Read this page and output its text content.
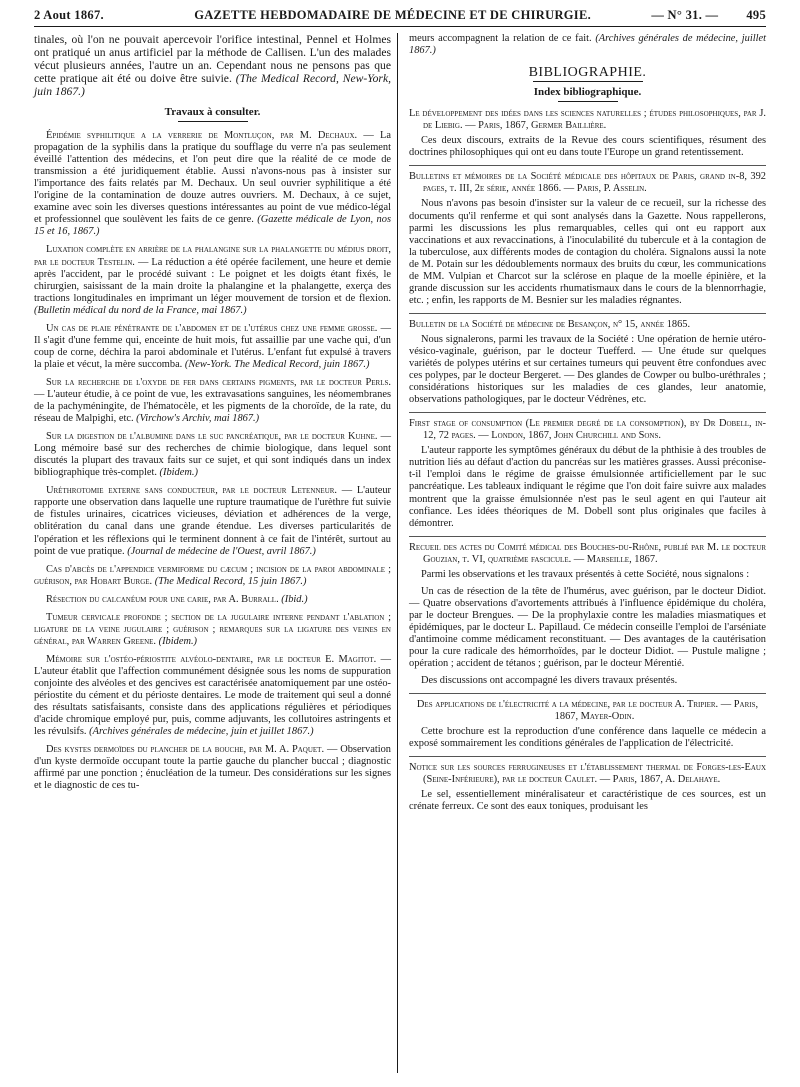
2 Aout 1867.	GAZETTE HEBDOMADAIRE DE MÉDECINE ET DE CHIRURGIE.	— N° 31. — 495

tinales, où l'on ne pouvait apercevoir l'orifice intestinal, Pennel et Holmes ont pratiqué un anus artificiel par la méthode de Callisen. L'un des malades vécut plusieurs années, l'autre un an. Cependant nous ne pensons pas que cette pratique ait été ou doive être suivie. (The Medical Record, New-York, juin 1867.)

Travaux à consulter.

Épidémie syphilitique a la verrerie de Montluçon, par M. Dechaux. — La propagation de la syphilis dans la pratique du soufflage du verre n'a pas seulement éveillé l'attention des médecins, et l'on peut dire que la réalité de ce mode de transmission a été juridiquement établie. Aussi n'avons-nous pas à insister sur l'importance des faits relatés par M. Dechaux. Un seul ouvrier syphilitique a été l'origine de la contamination de douze autres ouvriers. M. Dechaux, à ce sujet, examine avec soin les diverses questions intéressantes au point de vue médico-légal et professionnel que soulèvent les faits de ce genre. (Gazette médicale de Lyon, nos 15 et 16, 1867.)

Luxation complète en arrière de la phalangine sur la phalangette du médius droit, par le docteur Testelin. — La réduction a été opérée facilement, une heure et demie après l'accident, par le procédé suivant : Le poignet et les doigts étant fixés, le chirurgien, saisissant de la main droite la phalangine et la phalangette, exerça des tractions longitudinales en imprimant un léger mouvement de torsion et de flexion. (Bulletin médical du nord de la France, mai 1867.)

Un cas de plaie pénétrante de l'abdomen et de l'utérus chez une femme grosse. — Il s'agit d'une femme qui, enceinte de huit mois, fut assaillie par une vache qui, d'un coup de corne, déchira la paroi abdominale et l'utérus. L'enfant fut expulsé à travers la plaie et vécut, la mère succomba. (New-York. The Medical Record, juin 1867.)

Sur la recherche de l'oxyde de fer dans certains pigments, par le docteur Perls. — L'auteur étudie, à ce point de vue, les extravasations sanguines, les néomembranes de la pachyméningite, de l'hématocèle, et les pigments de la choroïde, de la rate, du réseau de Malpighi, etc. (Virchow's Archiv, mai 1867.)

Sur la digestion de l'albumine dans le suc pancréatique, par le docteur Kuhne. — Long mémoire basé sur des recherches de chimie biologique, dans lequel sont discutés la plupart des travaux faits sur ce sujet, et qui sont indiqués dans un index bibliographique très-complet. (Ibidem.)

Uréthrotomie externe sans conducteur, par le docteur Letenneur. — L'auteur rapporte une observation dans laquelle une rupture traumatique de l'urèthre fut suivie de fistules urinaires, cicatrices vicieuses, déviation et adhérences de la verge, oblitération du canal dans une grande étendue. Les diverses particularités de l'opération et les réflexions qui le terminent donnent à ce fait de l'intérêt, surtout au point de vue pratique. (Journal de médecine de l'Ouest, avril 1867.)

Cas d'abcès de l'appendice vermiforme du cæcum ; incision de la paroi abdominale ; guérison, par Hobart Burge. (The Medical Record, 15 juin 1867.)

Résection du calcanéum pour une carie, par A. Burrall. (Ibid.)

Tumeur cervicale profonde ; section de la jugulaire interne pendant l'ablation ; ligature de la veine jugulaire ; guérison ; remarques sur la ligature des veines en général, par Warren Greene. (Ibidem.)

Mémoire sur l'ostéo-périostite alvéolo-dentaire, par le docteur E. Magitot. — L'auteur établit que l'affection communément désignée sous les noms de suppuration conjointe des alvéoles et des gencives est caractérisée anatomiquement par une ostéo-périostite du cément et du périoste dentaires. Le mode de traitement qui seul a donné des résultats satisfaisants, consiste dans des applications régulières et périodiques d'acide chromique employé pur, puis, comme adjuvants, les collutoires astringents et les révulsifs. (Archives générales de médecine, juin et juillet 1867.)

Des kystes dermoïdes du plancher de la bouche, par M. A. Paquet. — Observation d'un kyste dermoïde occupant toute la partie gauche du plancher buccal ; diagnostic affirmé par une ponction ; énucléation de la tumeur. Des considérations sur les signes et le diagnostic de ces tu-

meurs accompagnent la relation de ce fait. (Archives générales de médecine, juillet 1867.)

BIBLIOGRAPHIE.
Index bibliographique.
Le développement des idées dans les sciences naturelles ; études philosophiques, par J. de Liebig. — Paris, 1867, Germer Baillière.

Ces deux discours, extraits de la Revue des cours scientifiques, résument des doctrines philosophiques qui ont eu dans toute l'Europe un grand retentissement.

Bulletins et mémoires de la Société médicale des hôpitaux de Paris, grand in-8, 392 pages, t. III, 2e série, année 1866. — Paris, P. Asselin.

Nous n'avons pas besoin d'insister sur la valeur de ce recueil, sur la richesse des documents qu'il renferme et qui sont analysés dans la Gazette. Nous rappellerons, parmi les discussions les plus remarquables, celles qui ont eu rapport aux vaccinations et aux revaccinations, à l'inoculabilité du tubercule et à la contagion de la tuberculose, aux différents modes de contagion du choléra. Signalons aussi la note de M. Potain sur les dédoublements normaux des bruits du cœur, les communications de MM. Vulpian et Charcot sur la sclérose en plaque de la moelle épinière, et la grande discussion sur les accidents rhumatismaux dans le cours de la blennorrhagie, etc. ; enfin, les rapports de M. Besnier sur les maladies régnantes.

Bulletin de la Société de médecine de Besançon, n° 15, année 1865.

Nous signalerons, parmi les travaux de la Société : Une opération de hernie utéro-vésico-vaginale, guérison, par le docteur Tuefferd. — Une étude sur quelques variétés de polypes utérins et sur certaines tumeurs qui peuvent être confondues avec ces polypes, par le docteur Bergeret. — Des glandes de Cowper ou bulbo-uréthrales ; considérations historiques sur les maladies de ces glandes, leur anatomie, observations pathologiques, par le docteur Védrènes, etc.

First stage of consumption (Le premier degré de la consomption), by Dr Dobell, in-12, 72 pages. — London, 1867, John Churchill and Sons.

L'auteur rapporte les symptômes généraux du début de la phthisie à des troubles de nutrition liés au défaut d'action du pancréas sur les matières grasses. Aussi préconise-t-il l'emploi dans le régime de graisse émulsionnée artificiellement par le suc pancréatique. Les tableaux indiquant le régime que l'on doit faire suivre aux malades montrent que la graisse émulsionnée n'est pas le seul agent en qui l'auteur ait confiance. Les idées théoriques de M. Dobell sont plus originales que faciles à démontrer.

Recueil des actes du Comité médical des Bouches-du-Rhône, publié par M. le docteur Gouzian, t. VI, quatrième fascicule. — Marseille, 1867.

Parmi les observations et les travaux présentés à cette Société, nous signalons :

Un cas de résection de la tête de l'humérus, avec guérison, par le docteur Didiot. — Quatre observations d'avortements attribués à l'influence épidémique du choléra, par le docteur Brengues. — De la prophylaxie contre les maladies miasmatiques et épidémiques, par le docteur L. Papillaud. Ce médecin conseille l'emploi de l'arséniate d'antimoine comme médicament reconstituant. — Des avantages de la cautérisation pour la cure radicale des hémorrhoïdes, par le docteur Didiot. — Pustule maligne ; opération ; accident de tétanos ; guérison, par le docteur Mérentié.

Des discussions ont accompagné les divers travaux présentés.

Des applications de l'électricité a la médecine, par le docteur A. Tripier. — Paris, 1867, Mayer-Odin.

Cette brochure est la reproduction d'une conférence dans laquelle ce médecin a exposé sommairement les conditions générales de l'application de l'électricité.

Notice sur les sources ferrugineuses et l'établissement thermal de Forges-les-Eaux (Seine-Inférieure), par le docteur Caulet. — Paris, 1867, A. Delahaye.

Le sel, essentiellement minéralisateur et caractéristique de ces sources, est un crénate ferreux. Ce sont des eaux toniques, produisant les
